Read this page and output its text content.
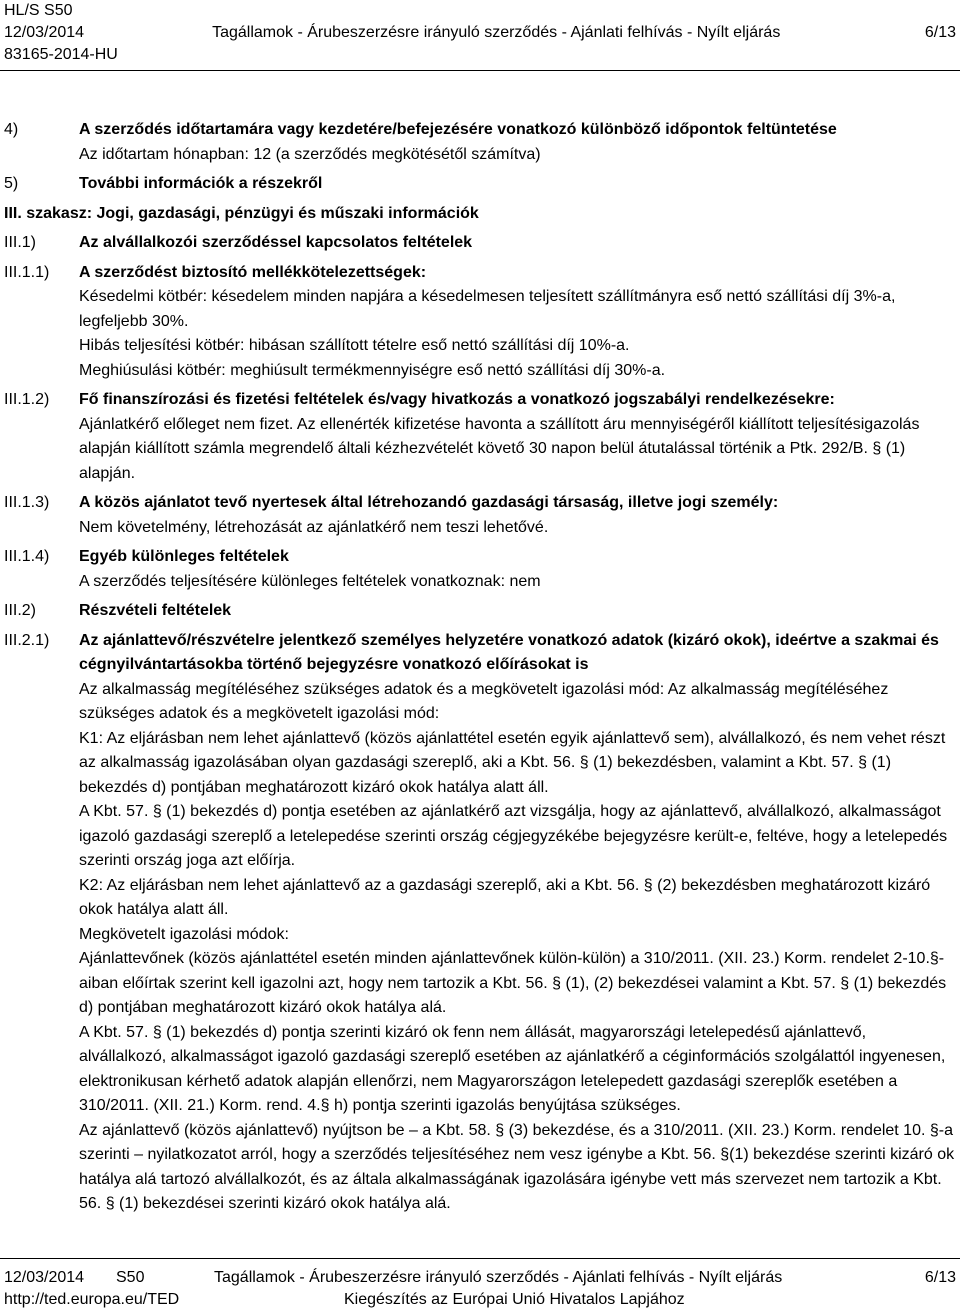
HL/S S50
12/03/2014	Tagállamok - Árubeszerzésre irányuló szerződés - Ajánlati felhívás - Nyílt eljárás	6/13
83165-2014-HU
4)	A szerződés időtartamára vagy kezdetére/befejezésére vonatkozó különböző időpontok feltüntetése
Az időtartam hónapban: 12 (a szerződés megkötésétől számítva)
5)	További információk a részekről
III. szakasz: Jogi, gazdasági, pénzügyi és műszaki információk
III.1)	Az alvállalkozói szerződéssel kapcsolatos feltételek
III.1.1)	A szerződést biztosító mellékkötelezettségek:
Késedelmi kötbér: késedelem minden napjára a késedelmesen teljesített szállítmányra eső nettó szállítási díj 3%-a, legfeljebb 30%.
Hibás teljesítési kötbér: hibásan szállított tételre eső nettó szállítási díj 10%-a.
Meghiúsulási kötbér: meghiúsult termékmennyiségre eső nettó szállítási díj 30%-a.
III.1.2)	Fő finanszírozási és fizetési feltételek és/vagy hivatkozás a vonatkozó jogszabályi rendelkezésekre:
Ajánlatkérő előleget nem fizet. Az ellenérték kifizetése havonta a szállított áru mennyiségéről kiállított teljesítésigazolás alapján kiállított számla megrendelő általi kézhezvételét követő 30 napon belül átutalással történik a Ptk. 292/B. § (1) alapján.
III.1.3)	A közös ajánlatot tevő nyertesek által létrehozandó gazdasági társaság, illetve jogi személy:
Nem követelmény, létrehozását az ajánlatkérő nem teszi lehetővé.
III.1.4)	Egyéb különleges feltételek
A szerződés teljesítésére különleges feltételek vonatkoznak: nem
III.2)	Részvételi feltételek
III.2.1)	Az ajánlattevő/részvételre jelentkező személyes helyzetére vonatkozó adatok (kizáró okok), ideértve a szakmai és cégnyilvántartásokba történő bejegyzésre vonatkozó előírásokat is
Az alkalmasság megítéléséhez szükséges adatok és a megkövetelt igazolási mód: Az alkalmasság megítéléséhez szükséges adatok és a megkövetelt igazolási mód:
K1: Az eljárásban nem lehet ajánlattevő (közös ajánlattétel esetén egyik ajánlattevő sem), alvállalkozó, és nem vehet részt az alkalmasság igazolásában olyan gazdasági szereplő, aki a Kbt. 56. § (1) bekezdésben, valamint a Kbt. 57. § (1) bekezdés d) pontjában meghatározott kizáró okok hatálya alatt áll.
A Kbt. 57. § (1) bekezdés d) pontja esetében az ajánlatkérő azt vizsgálja, hogy az ajánlattevő, alvállalkozó, alkalmasságot igazoló gazdasági szereplő a letelepedése szerinti ország cégjegyzékébe bejegyzésre került-e, feltéve, hogy a letelepedés szerinti ország joga azt előírja.
K2: Az eljárásban nem lehet ajánlattevő az a gazdasági szereplő, aki a Kbt. 56. § (2) bekezdésben meghatározott kizáró okok hatálya alatt áll.
Megkövetelt igazolási módok:
Ajánlattevőnek (közös ajánlattétel esetén minden ajánlattevőnek külön-külön) a 310/2011. (XII. 23.) Korm. rendelet 2-10.§-aiban előírtak szerint kell igazolni azt, hogy nem tartozik a Kbt. 56. § (1), (2) bekezdései valamint a Kbt. 57. § (1) bekezdés d) pontjában meghatározott kizáró okok hatálya alá.
A Kbt. 57. § (1) bekezdés d) pontja szerinti kizáró ok fenn nem állását, magyarországi letelepedésű ajánlattevő, alvállalkozó, alkalmasságot igazoló gazdasági szereplő esetében az ajánlatkérő a céginformációs szolgálattól ingyenesen, elektronikusan kérhető adatok alapján ellenőrzi, nem Magyarországon letelepedett gazdasági szereplők esetében a 310/2011. (XII. 21.) Korm. rend. 4.§ h) pontja szerinti igazolás benyújtása szükséges.
Az ajánlattevő (közös ajánlattevő) nyújtson be – a Kbt. 58. § (3) bekezdése, és a 310/2011. (XII. 23.) Korm. rendelet 10. §-a szerinti – nyilatkozatot arról, hogy a szerződés teljesítéséhez nem vesz igénybe a Kbt. 56. §(1) bekezdése szerinti kizáró ok hatálya alá tartozó alvállalkozót, és az általa alkalmasságának igazolására igénybe vett más szervezet nem tartozik a Kbt. 56. § (1) bekezdései szerinti kizáró okok hatálya alá.
12/03/2014	S50	Tagállamok - Árubeszerzésre irányuló szerződés - Ajánlati felhívás - Nyílt eljárás	6/13
http://ted.europa.eu/TED	Kiegészítés az Európai Unió Hivatalos Lapjához
